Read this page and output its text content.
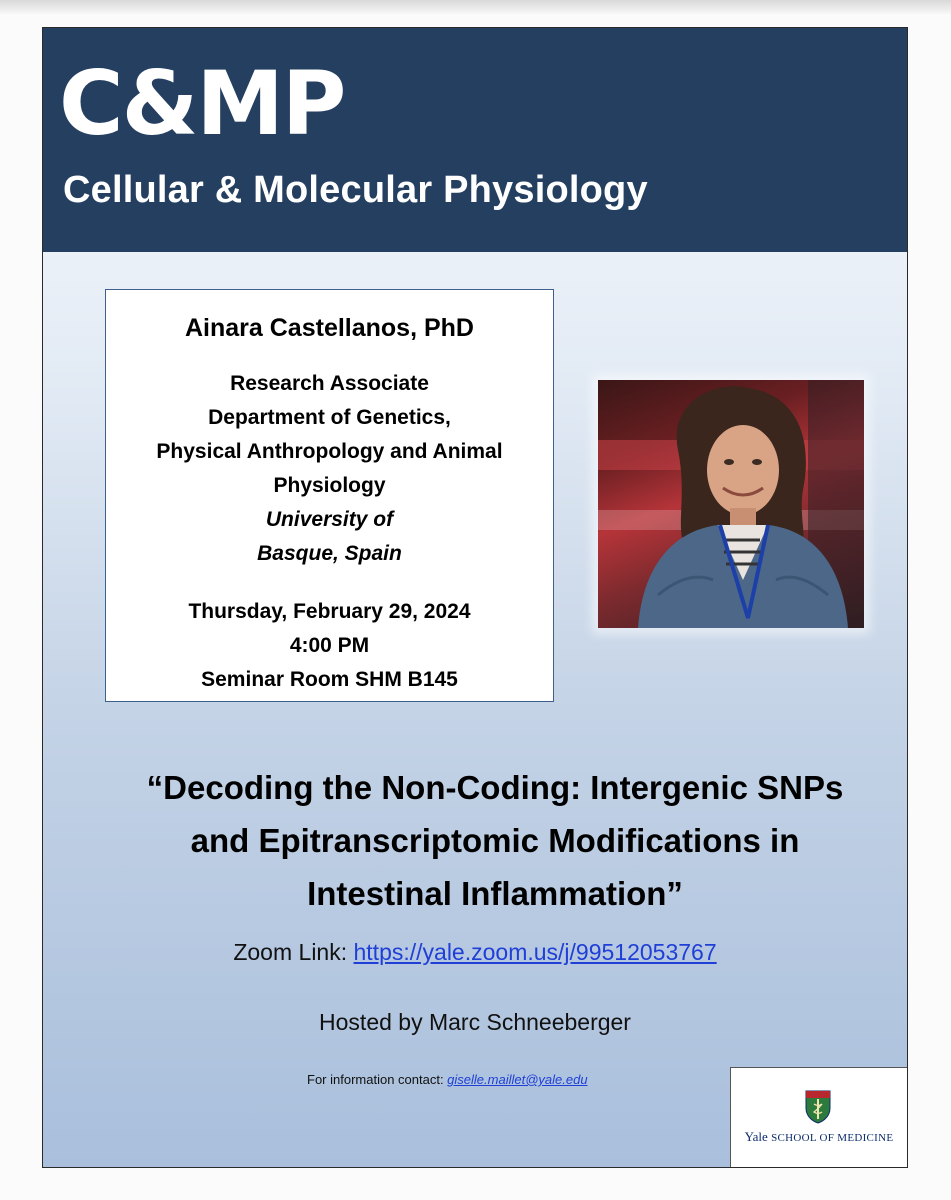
C&MP
Cellular & Molecular Physiology
Ainara Castellanos, PhD
Research Associate
Department of Genetics,
Physical Anthropology and Animal
Physiology
University of
Basque, Spain
Thursday, February 29, 2024
4:00 PM
Seminar Room SHM B145
“Decoding the Non-Coding: Intergenic SNPs
and Epitranscriptomic Modifications in
Intestinal Inflammation”
Zoom Link: https://yale.zoom.us/j/99512053767
Hosted by Marc Schneeberger
For information contact: giselle.maillet@yale.edu
Yale SCHOOL OF MEDICINE
